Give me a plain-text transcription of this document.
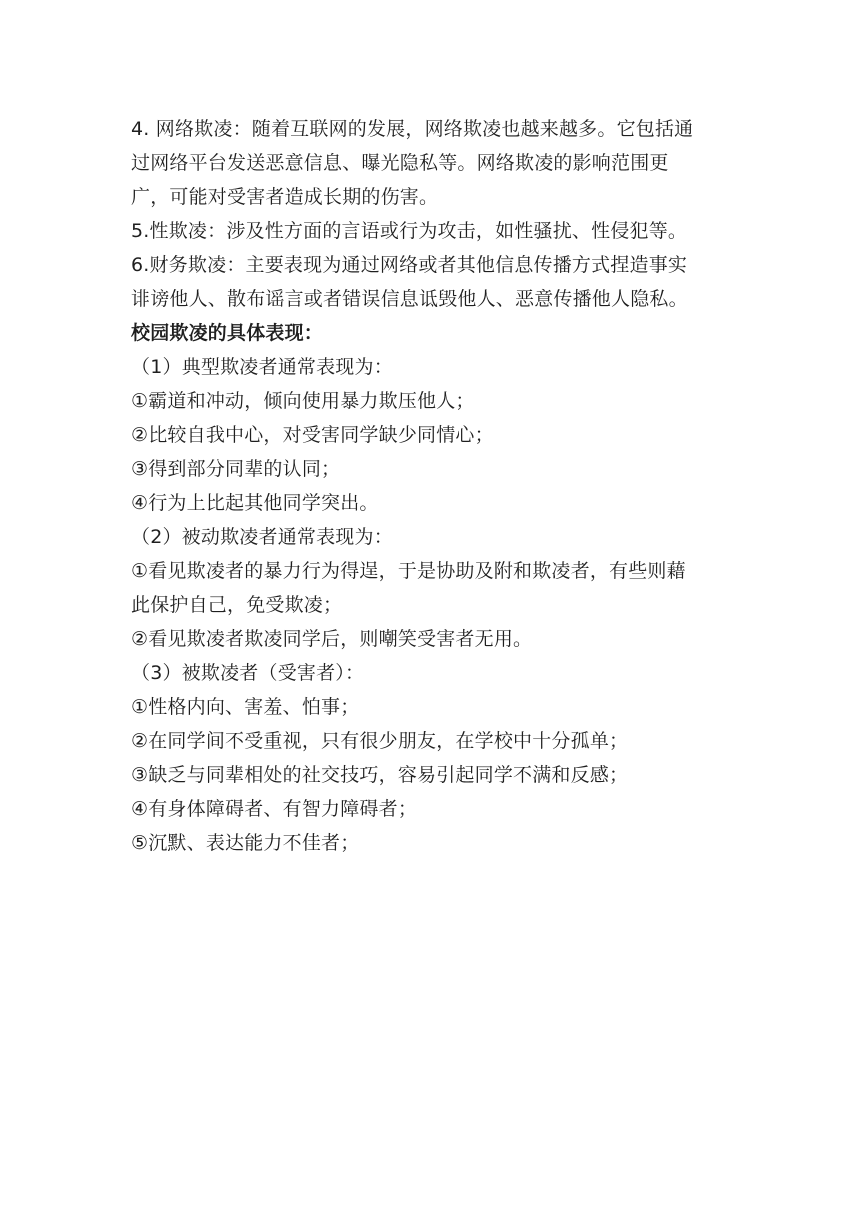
4. 网络欺凌：随着互联网的发展，网络欺凌也越来越多。它包括通
过网络平台发送恶意信息、曝光隐私等。网络欺凌的影响范围更
广，可能对受害者造成长期的伤害。
5.性欺凌：涉及性方面的言语或行为攻击，如性骚扰、性侵犯等。
6.财务欺凌：主要表现为通过网络或者其他信息传播方式捏造事实
诽谤他人、散布谣言或者错误信息诋毁他人、恶意传播他人隐私。
校园欺凌的具体表现：
（1）典型欺凌者通常表现为：
①霸道和冲动，倾向使用暴力欺压他人；
②比较自我中心，对受害同学缺少同情心；
③得到部分同辈的认同；
④行为上比起其他同学突出。
（2）被动欺凌者通常表现为：
①看见欺凌者的暴力行为得逞，于是协助及附和欺凌者，有些则藉
此保护自己，免受欺凌；
②看见欺凌者欺凌同学后，则嘲笑受害者无用。
（3）被欺凌者（受害者）：
①性格内向、害羞、怕事；
②在同学间不受重视，只有很少朋友，在学校中十分孤单；
③缺乏与同辈相处的社交技巧，容易引起同学不满和反感；
④有身体障碍者、有智力障碍者；
⑤沉默、表达能力不佳者；
